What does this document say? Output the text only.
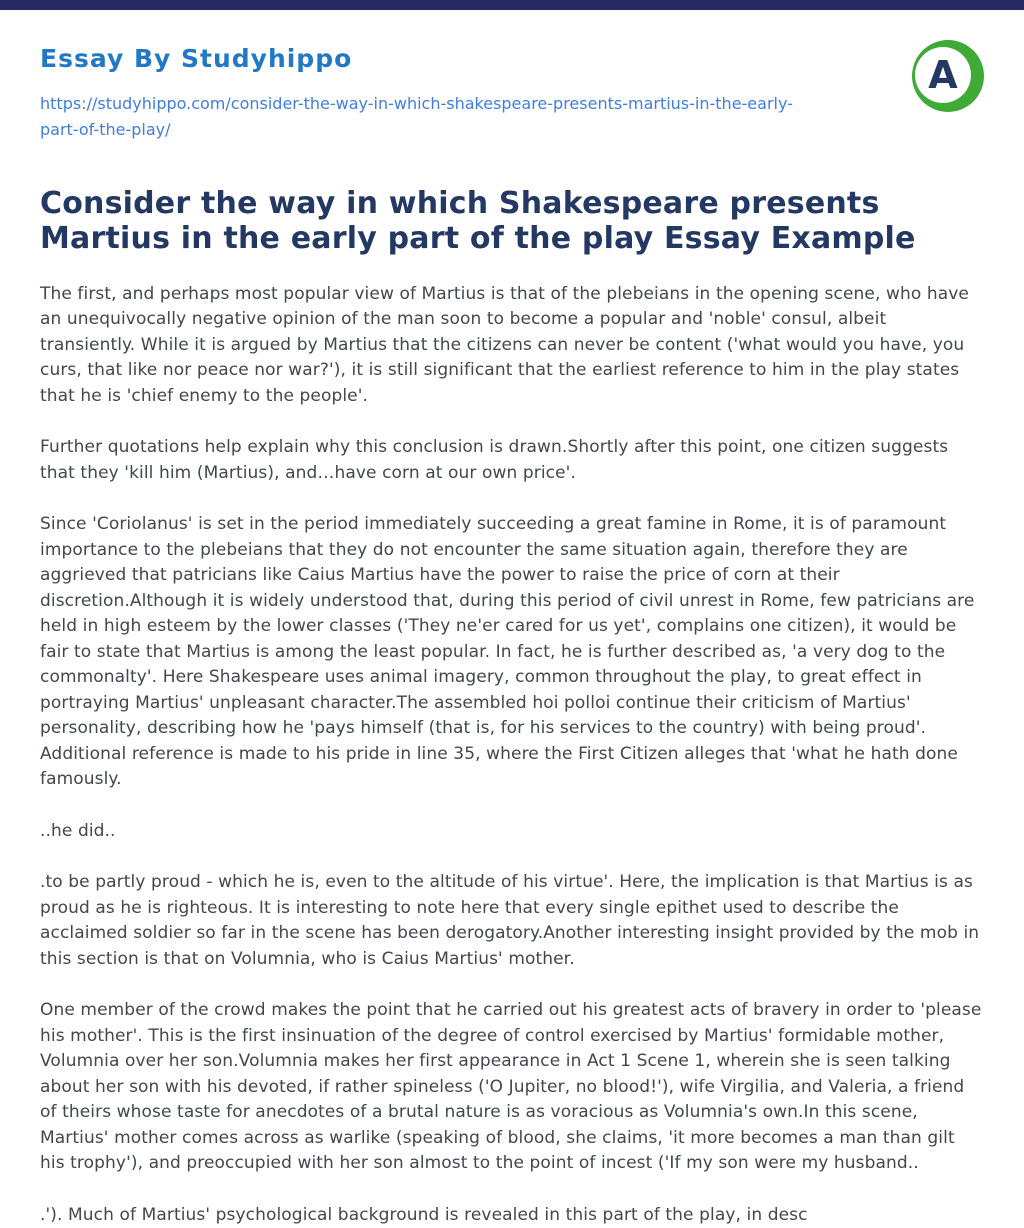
Essay By Studyhippo
https://studyhippo.com/consider-the-way-in-which-shakespeare-presents-martius-in-the-early-part-of-the-play/
A
Consider the way in which Shakespeare presents Martius in the early part of the play Essay Example

The first, and perhaps most popular view of Martius is that of the plebeians in the opening scene, who have an unequivocally negative opinion of the man soon to become a popular and 'noble' consul, albeit transiently. While it is argued by Martius that the citizens can never be content ('what would you have, you curs, that like nor peace nor war?'), it is still significant that the earliest reference to him in the play states that he is 'chief enemy to the people'.

Further quotations help explain why this conclusion is drawn.Shortly after this point, one citizen suggests that they 'kill him (Martius), and…have corn at our own price'.

Since 'Coriolanus' is set in the period immediately succeeding a great famine in Rome, it is of paramount importance to the plebeians that they do not encounter the same situation again, therefore they are aggrieved that patricians like Caius Martius have the power to raise the price of corn at their discretion.Although it is widely understood that, during this period of civil unrest in Rome, few patricians are held in high esteem by the lower classes ('They ne'er cared for us yet', complains one citizen), it would be fair to state that Martius is among the least popular. In fact, he is further described as, 'a very dog to the commonalty'. Here Shakespeare uses animal imagery, common throughout the play, to great effect in portraying Martius' unpleasant character.The assembled hoi polloi continue their criticism of Martius' personality, describing how he 'pays himself (that is, for his services to the country) with being proud'. Additional reference is made to his pride in line 35, where the First Citizen alleges that 'what he hath done famously.

..he did..

.to be partly proud - which he is, even to the altitude of his virtue'. Here, the implication is that Martius is as proud as he is righteous. It is interesting to note here that every single epithet used to describe the acclaimed soldier so far in the scene has been derogatory.Another interesting insight provided by the mob in this section is that on Volumnia, who is Caius Martius' mother.

One member of the crowd makes the point that he carried out his greatest acts of bravery in order to 'please his mother'. This is the first insinuation of the degree of control exercised by Martius' formidable mother, Volumnia over her son.Volumnia makes her first appearance in Act 1 Scene 1, wherein she is seen talking about her son with his devoted, if rather spineless ('O Jupiter, no blood!'), wife Virgilia, and Valeria, a friend of theirs whose taste for anecdotes of a brutal nature is as voracious as Volumnia's own.In this scene, Martius' mother comes across as warlike (speaking of blood, she claims, 'it more becomes a man than gilt his trophy'), and preoccupied with her son almost to the point of incest ('If my son were my husband..

.'). Much of Martius' psychological background is revealed in this part of the play, in desc
